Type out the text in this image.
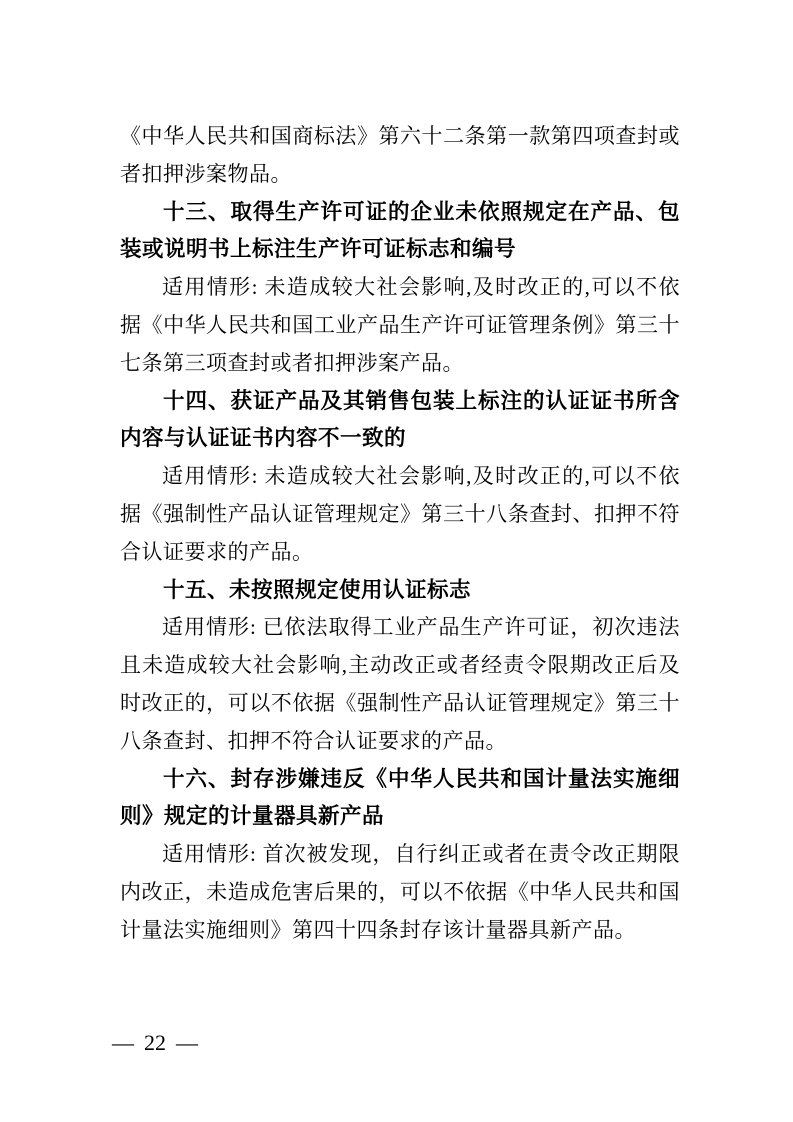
《中华人民共和国商标法》第六十二条第一款第四项查封或者扣押涉案物品。

十三、取得生产许可证的企业未依照规定在产品、包装或说明书上标注生产许可证标志和编号

适用情形: 未造成较大社会影响,及时改正的,可以不依据《中华人民共和国工业产品生产许可证管理条例》第三十七条第三项查封或者扣押涉案产品。

十四、获证产品及其销售包装上标注的认证证书所含内容与认证证书内容不一致的

适用情形: 未造成较大社会影响,及时改正的,可以不依据《强制性产品认证管理规定》第三十八条查封、扣押不符合认证要求的产品。

十五、未按照规定使用认证标志

适用情形: 已依法取得工业产品生产许可证，初次违法且未造成较大社会影响,主动改正或者经责令限期改正后及时改正的，可以不依据《强制性产品认证管理规定》第三十八条查封、扣押不符合认证要求的产品。

十六、封存涉嫌违反《中华人民共和国计量法实施细则》规定的计量器具新产品

适用情形: 首次被发现，自行纠正或者在责令改正期限内改正，未造成危害后果的，可以不依据《中华人民共和国计量法实施细则》第四十四条封存该计量器具新产品。

— 22 —
